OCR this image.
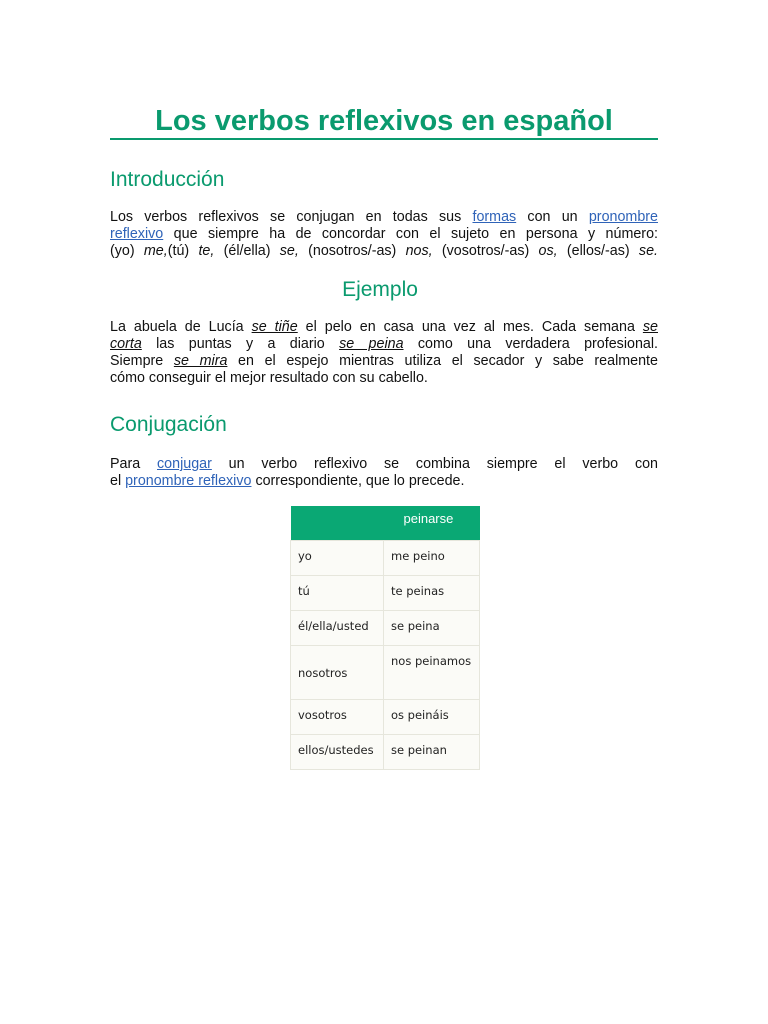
Los verbos reflexivos en español
Introducción
Los verbos reflexivos se conjugan en todas sus formas con un pronombre
reflexivo que siempre ha de concordar con el sujeto en persona y número:
(yo) me,(tú) te, (él/ella) se, (nosotros/-as) nos, (vosotros/-as) os, (ellos/-as) se.
Ejemplo
La abuela de Lucía se tiñe el pelo en casa una vez al mes. Cada semana se
corta las puntas y a diario se peina como una verdadera profesional.
Siempre se mira en el espejo mientras utiliza el secador y sabe realmente
cómo conseguir el mejor resultado con su cabello.
Conjugación
Para conjugar un verbo reflexivo se combina siempre el verbo con
el pronombre reflexivo correspondiente, que lo precede.
	peinarse
yo	me peino
tú	te peinas
él/ella/usted	se peina
nosotros	nos peinamos
vosotros	os peináis
ellos/ustedes	se peinan
